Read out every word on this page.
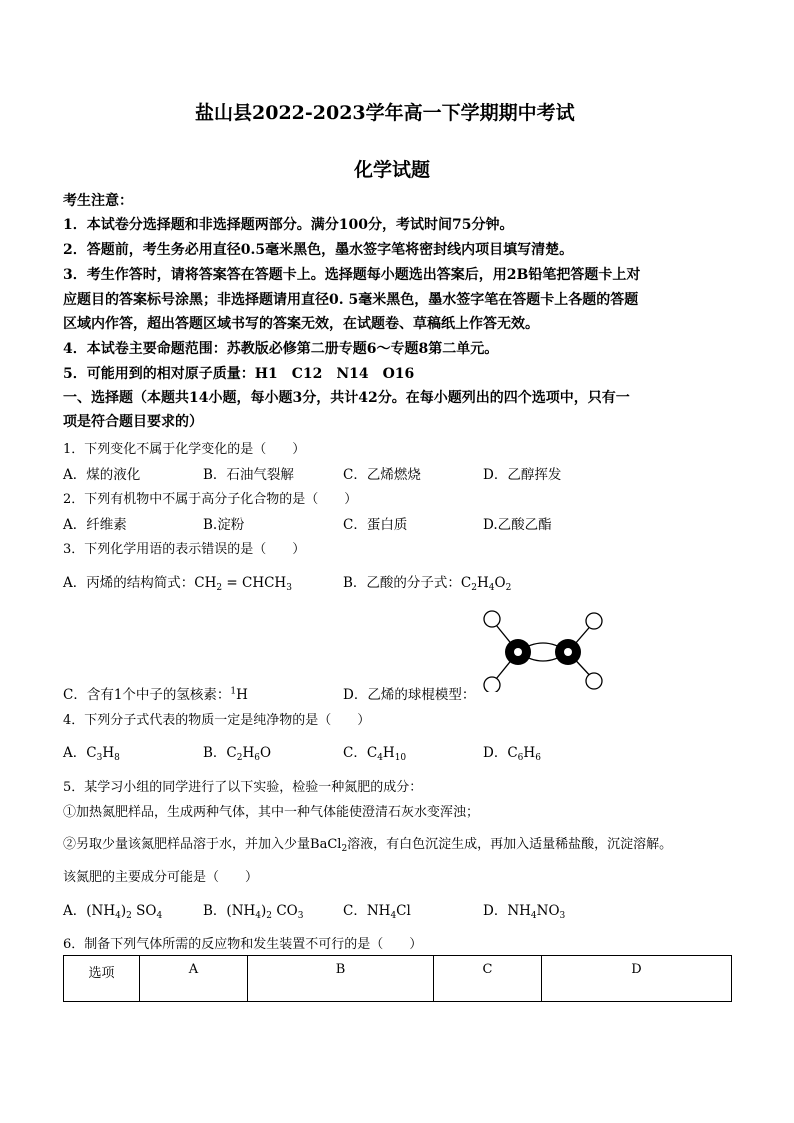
盐山县2022-2023学年高一下学期期中考试
化学试题
考生注意：
1．本试卷分选择题和非选择题两部分。满分100分，考试时间75分钟。
2．答题前，考生务必用直径0.5毫米黑色，墨水签字笔将密封线内项目填写清楚。
3．考生作答时，请将答案答在答题卡上。选择题每小题选出答案后，用2B铅笔把答题卡上对
应题目的答案标号涂黑；非选择题请用直径0. 5毫米黑色，墨水签字笔在答题卡上各题的答题
区域内作答，超出答题区域书写的答案无效，在试题卷、草稿纸上作答无效。
4．本试卷主要命题范围：苏教版必修第二册专题6～专题8第二单元。
5．可能用到的相对原子质量：H1　C12　N14　O16
一、选择题（本题共14小题，每小题3分，共计42分。在每小题列出的四个选项中，只有一
项是符合题目要求的）
1．下列变化不属于化学变化的是（　　）
A．煤的液化	B．石油气裂解	C．乙烯燃烧	D．乙醇挥发
2．下列有机物中不属于高分子化合物的是（　　）
A．纤维素	B.淀粉	C．蛋白质	D.乙酸乙酯
3．下列化学用语的表示错误的是（　　）
A．丙烯的结构简式：$CH_2$ = $CHCH_3$	B．乙酸的分子式：$C_2H_4O_2$
C．含有1个中子的氢核素：$^1$H	D．乙烯的球棍模型：
4．下列分子式代表的物质一定是纯净物的是（　　）
A．$C_3H_8$	B．$C_2H_6O$	C．$C_4H_{10}$	D．$C_6H_6$
5．某学习小组的同学进行了以下实验，检验一种氮肥的成分：
①加热氮肥样品，生成两种气体，其中一种气体能使澄清石灰水变浑浊；
②另取少量该氮肥样品溶于水，并加入少量BaCl$_2$溶液，有白色沉淀生成，再加入适量稀盐酸，沉淀溶解。
该氮肥的主要成分可能是（　　）
A．$(NH_4)_2$ $SO_4$	B．$(NH_4)_2$ $CO_3$	C．$NH_4Cl$	D．$NH_4NO_3$
6．制备下列气体所需的反应物和发生装置不可行的是（　　）
选项	A	B	C	D
